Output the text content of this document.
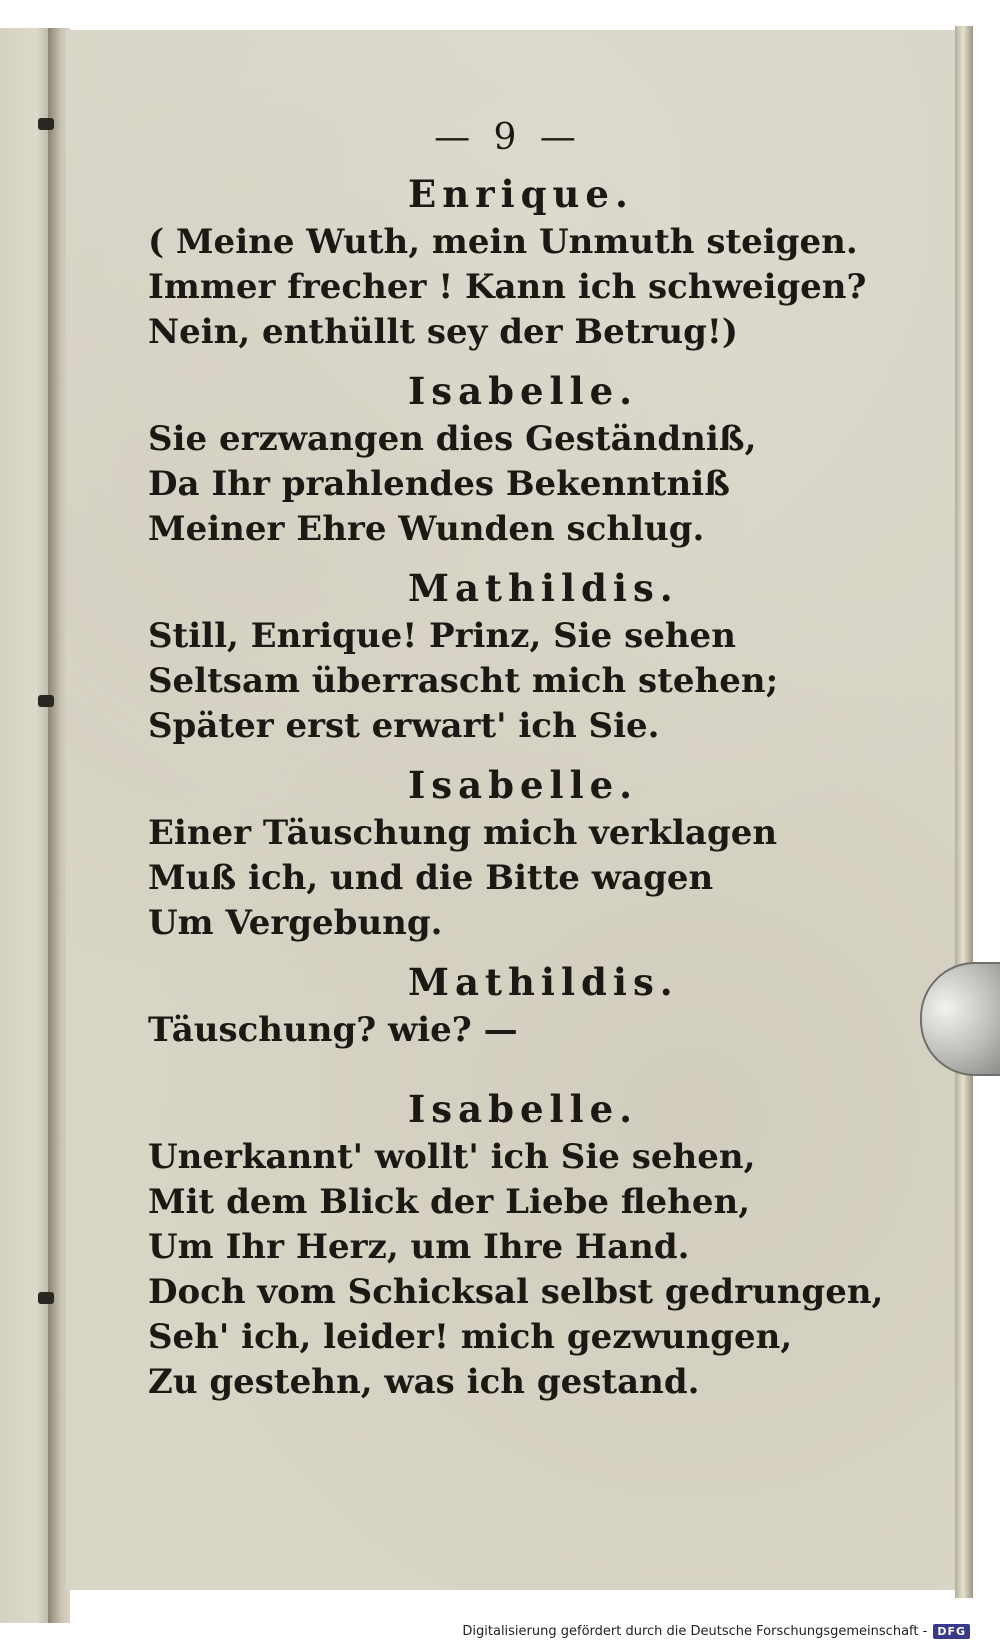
— 9 —
Enrique.
( Meine Wuth, mein Unmuth steigen.
Immer frecher ! Kann ich schweigen?
Nein, enthüllt sey der Betrug!)
Isabelle.
Sie erzwangen dies Geständniß,
Da Ihr prahlendes Bekenntniß
Meiner Ehre Wunden schlug.
Mathildis.
Still, Enrique! Prinz, Sie sehen
Seltsam überrascht mich stehen;
Später erst erwart' ich Sie.
Isabelle.
Einer Täuschung mich verklagen
Muß ich, und die Bitte wagen
Um Vergebung.
Mathildis.
Täuschung? wie? —
Isabelle.
Unerkannt' wollt' ich Sie sehen,
Mit dem Blick der Liebe flehen,
Um Ihr Herz, um Ihre Hand.
Doch vom Schicksal selbst gedrungen,
Seh' ich, leider! mich gezwungen,
Zu gestehn, was ich gestand.
Digitalisierung gefördert durch die Deutsche Forschungsgemeinschaft - DFG
